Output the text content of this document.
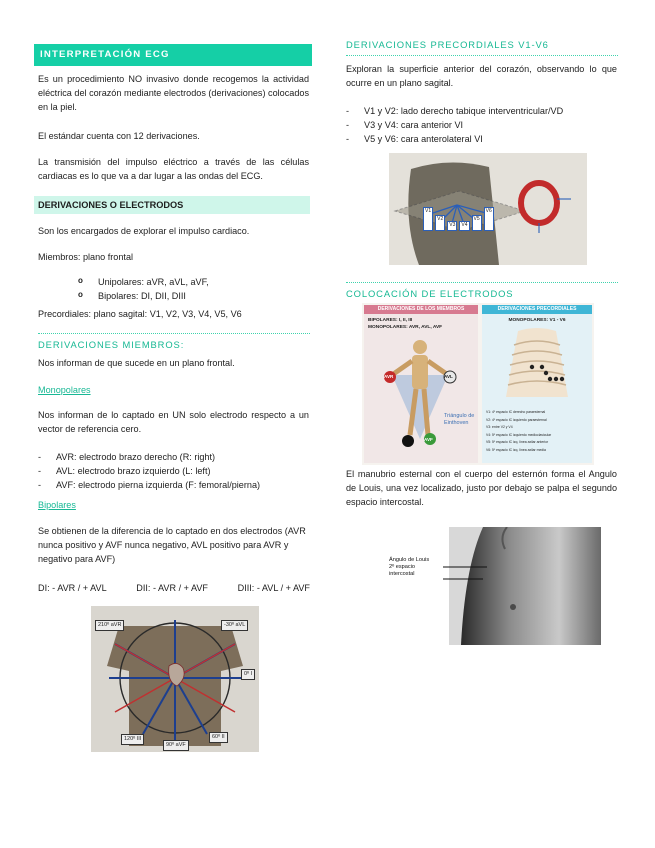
INTERPRETACIÓN ECG

Es un procedimiento NO invasivo donde recogemos la actividad eléctrica del corazón mediante electrodos (derivaciones) colocados en la piel.

El estándar cuenta con 12 derivaciones.

La transmisión del impulso eléctrico a través de las células cardiacas es lo que va a dar lugar a las ondas del ECG.

DERIVACIONES O ELECTRODOS

Son los encargados de explorar el impulso cardiaco.

Miembros: plano frontal

o Unipolares: aVR, aVL, aVF,
o Bipolares: DI, DII, DIII

Precordiales: plano sagital: V1, V2, V3, V4, V5, V6

DERIVACIONES MIEMBROS:

Nos informan de que sucede en un plano frontal.

Monopolares

Nos informan de lo captado en UN solo electrodo respecto a un vector de referencia cero.

- AVR: electrodo brazo derecho (R: right)
- AVL: electrodo brazo izquierdo (L: left)
- AVF: electrodo pierna izquierda (F: femoral/pierna)
Bipolares

Se obtienen de la diferencia de lo captado en dos electrodos (AVR nunca positivo y AVF nunca negativo, AVL positivo para AVR y negativo para AVF)

DI: - AVR / + AVL	DII: - AVR / + AVF	DIII: - AVL / + AVF
210º aVR	-30º aVL
0º I
120º III
90º aVF
60º II
DERIVACIONES PRECORDIALES V1-V6

Exploran la superficie anterior del corazón, observando lo que ocurre en un plano sagital.

- V1 y V2: lado derecho tabique interventricular/VD
- V3 y V4: cara anterior VI
- V5 y V6: cara anterolateral VI
V1
V2
V3	V4
V5
V6
COLOCACIÓN DE ELECTRODOS
DERIVACIONES DE LOS MIEMBROS
BIPOLARES: I, II, III
MONOPOLARES: AVR, AVL, AVF
AVR	AVL
AVF
Triángulo de Einthoven
DERIVACIONES PRECORDIALES
MONOPOLARES: V1 - V6
V1: 4º espacio IC derecho paraesternal
V2: 4º espacio IC izquierdo paraesternal
V3: entre V2 y V4
V4: 5º espacio IC izquierdo medioclavicular
V5: 5º espacio IC izq. línea axilar anterior
V6: 5º espacio IC izq. línea axilar media

El manubrio esternal con el cuerpo del esternón forma el Angulo de Louis, una vez localizado, justo por debajo se palpa el segundo espacio intercostal.

Ángulo de Louis
2º espacio
intercostal
